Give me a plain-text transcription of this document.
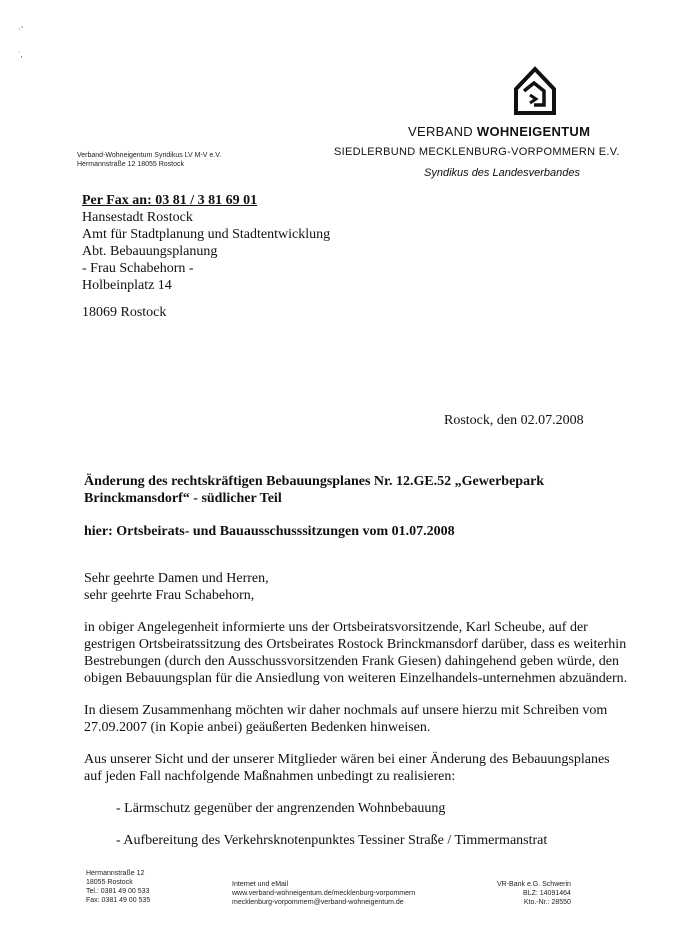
·˘
˙,
VERBAND WOHNEIGENTUM
SIEDLERBUND MECKLENBURG-VORPOMMERN E.V.
Syndikus des Landesverbandes
Verband-Wohneigentum Syndikus LV M-V e.V.
Hermannstraße 12 18055 Rostock
Per Fax an: 03 81 / 3 81 69 01
Hansestadt Rostock
Amt für Stadtplanung und Stadtentwicklung
Abt. Bebauungsplanung
- Frau Schabehorn -
Holbeinplatz 14
18069 Rostock
Rostock, den 02.07.2008
Änderung des rechtskräftigen Bebauungsplanes Nr. 12.GE.52 „Gewerbepark Brinckmansdorf“ - südlicher Teil
hier: Ortsbeirats- und Bauausschusssitzungen vom 01.07.2008

Sehr geehrte Damen und Herren,
sehr geehrte Frau Schabehorn,

in obiger Angelegenheit informierte uns der Ortsbeiratsvorsitzende, Karl Scheube, auf der gestrigen Ortsbeiratssitzung des Ortsbeirates Rostock Brinckmansdorf darüber, dass es weiterhin Bestrebungen (durch den Ausschussvorsitzenden Frank Giesen) dahingehend geben würde, den obigen Bebauungsplan für die Ansiedlung von weiteren Einzelhandels-unternehmen abzuändern.

In diesem Zusammenhang möchten wir daher nochmals auf unsere hierzu mit Schreiben vom 27.09.2007 (in Kopie anbei) geäußerten Bedenken hinweisen.

Aus unserer Sicht und der unserer Mitglieder wären bei einer Änderung des Bebauungsplanes auf jeden Fall nachfolgende Maßnahmen unbedingt zu realisieren:

- Lärmschutz gegenüber der angrenzenden Wohnbebauung

- Aufbereitung des Verkehrsknotenpunktes Tessiner Straße / Timmermanstrat

Hermannstraße 12
18055 Rostock
Tel.: 0381 49 00 533
Fax: 0381 49 00 535
Internet und eMail
www.verband-wohneigentum.de/mecklenburg-vorpommern
mecklenburg-vorpommern@verband-wohneigentum.de
VR-Bank e.G. Schwerin
BLZ: 14091464
Kto.-Nr.: 28550
